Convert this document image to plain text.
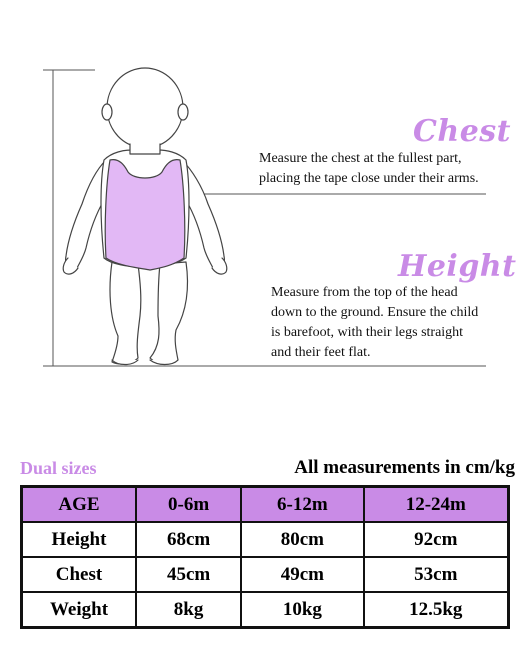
Chest
Measure the chest at the fullest part,
placing the tape close under their arms.
Height
Measure from the top of the head
down to the ground. Ensure the child
is barefoot, with their legs straight
and their feet flat.
Dual sizes	All measurements in cm/kg
AGE	0-6m	6-12m	12-24m
Height	68cm	80cm	92cm
Chest	45cm	49cm	53cm
Weight	8kg	10kg	12.5kg
